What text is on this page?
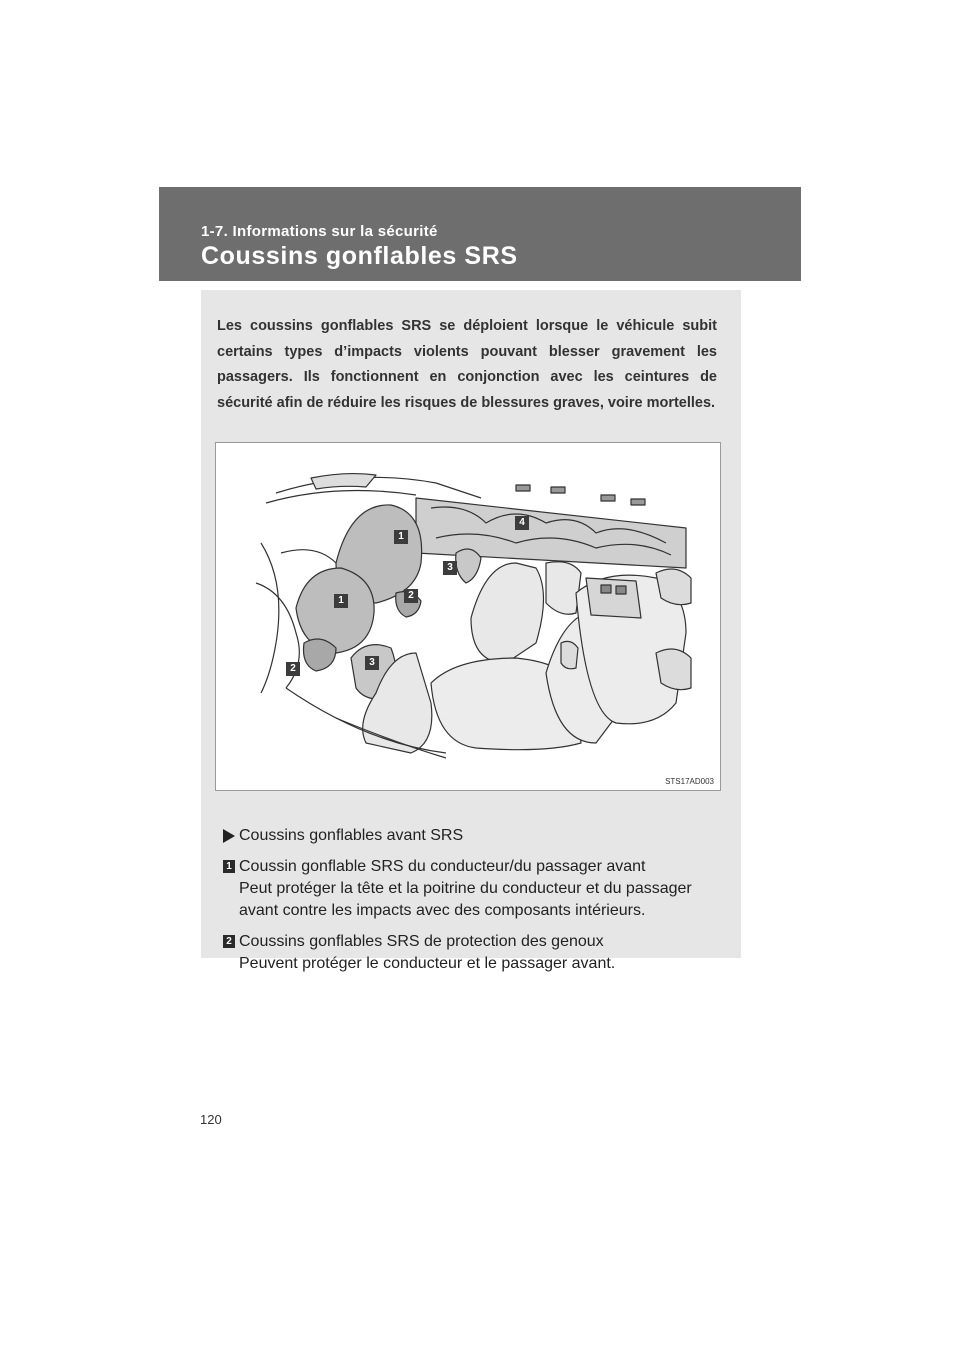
1-7. Informations sur la sécurité
Coussins gonflables SRS

Les coussins gonflables SRS se déploient lorsque le véhicule subit certains types d’impacts violents pouvant blesser gravement les passagers. Ils fonctionnent en conjonction avec les ceintures de sécurité afin de réduire les risques de blessures graves, voire mortelles.

1
1	2
2
3
3
4
STS17AD003
Coussins gonflables avant SRS
1 Coussin gonflable SRS du conducteur/du passager avant
Peut protéger la tête et la poitrine du conducteur et du passager avant contre les impacts avec des composants intérieurs.
2 Coussins gonflables SRS de protection des genoux
Peuvent protéger le conducteur et le passager avant.
120
